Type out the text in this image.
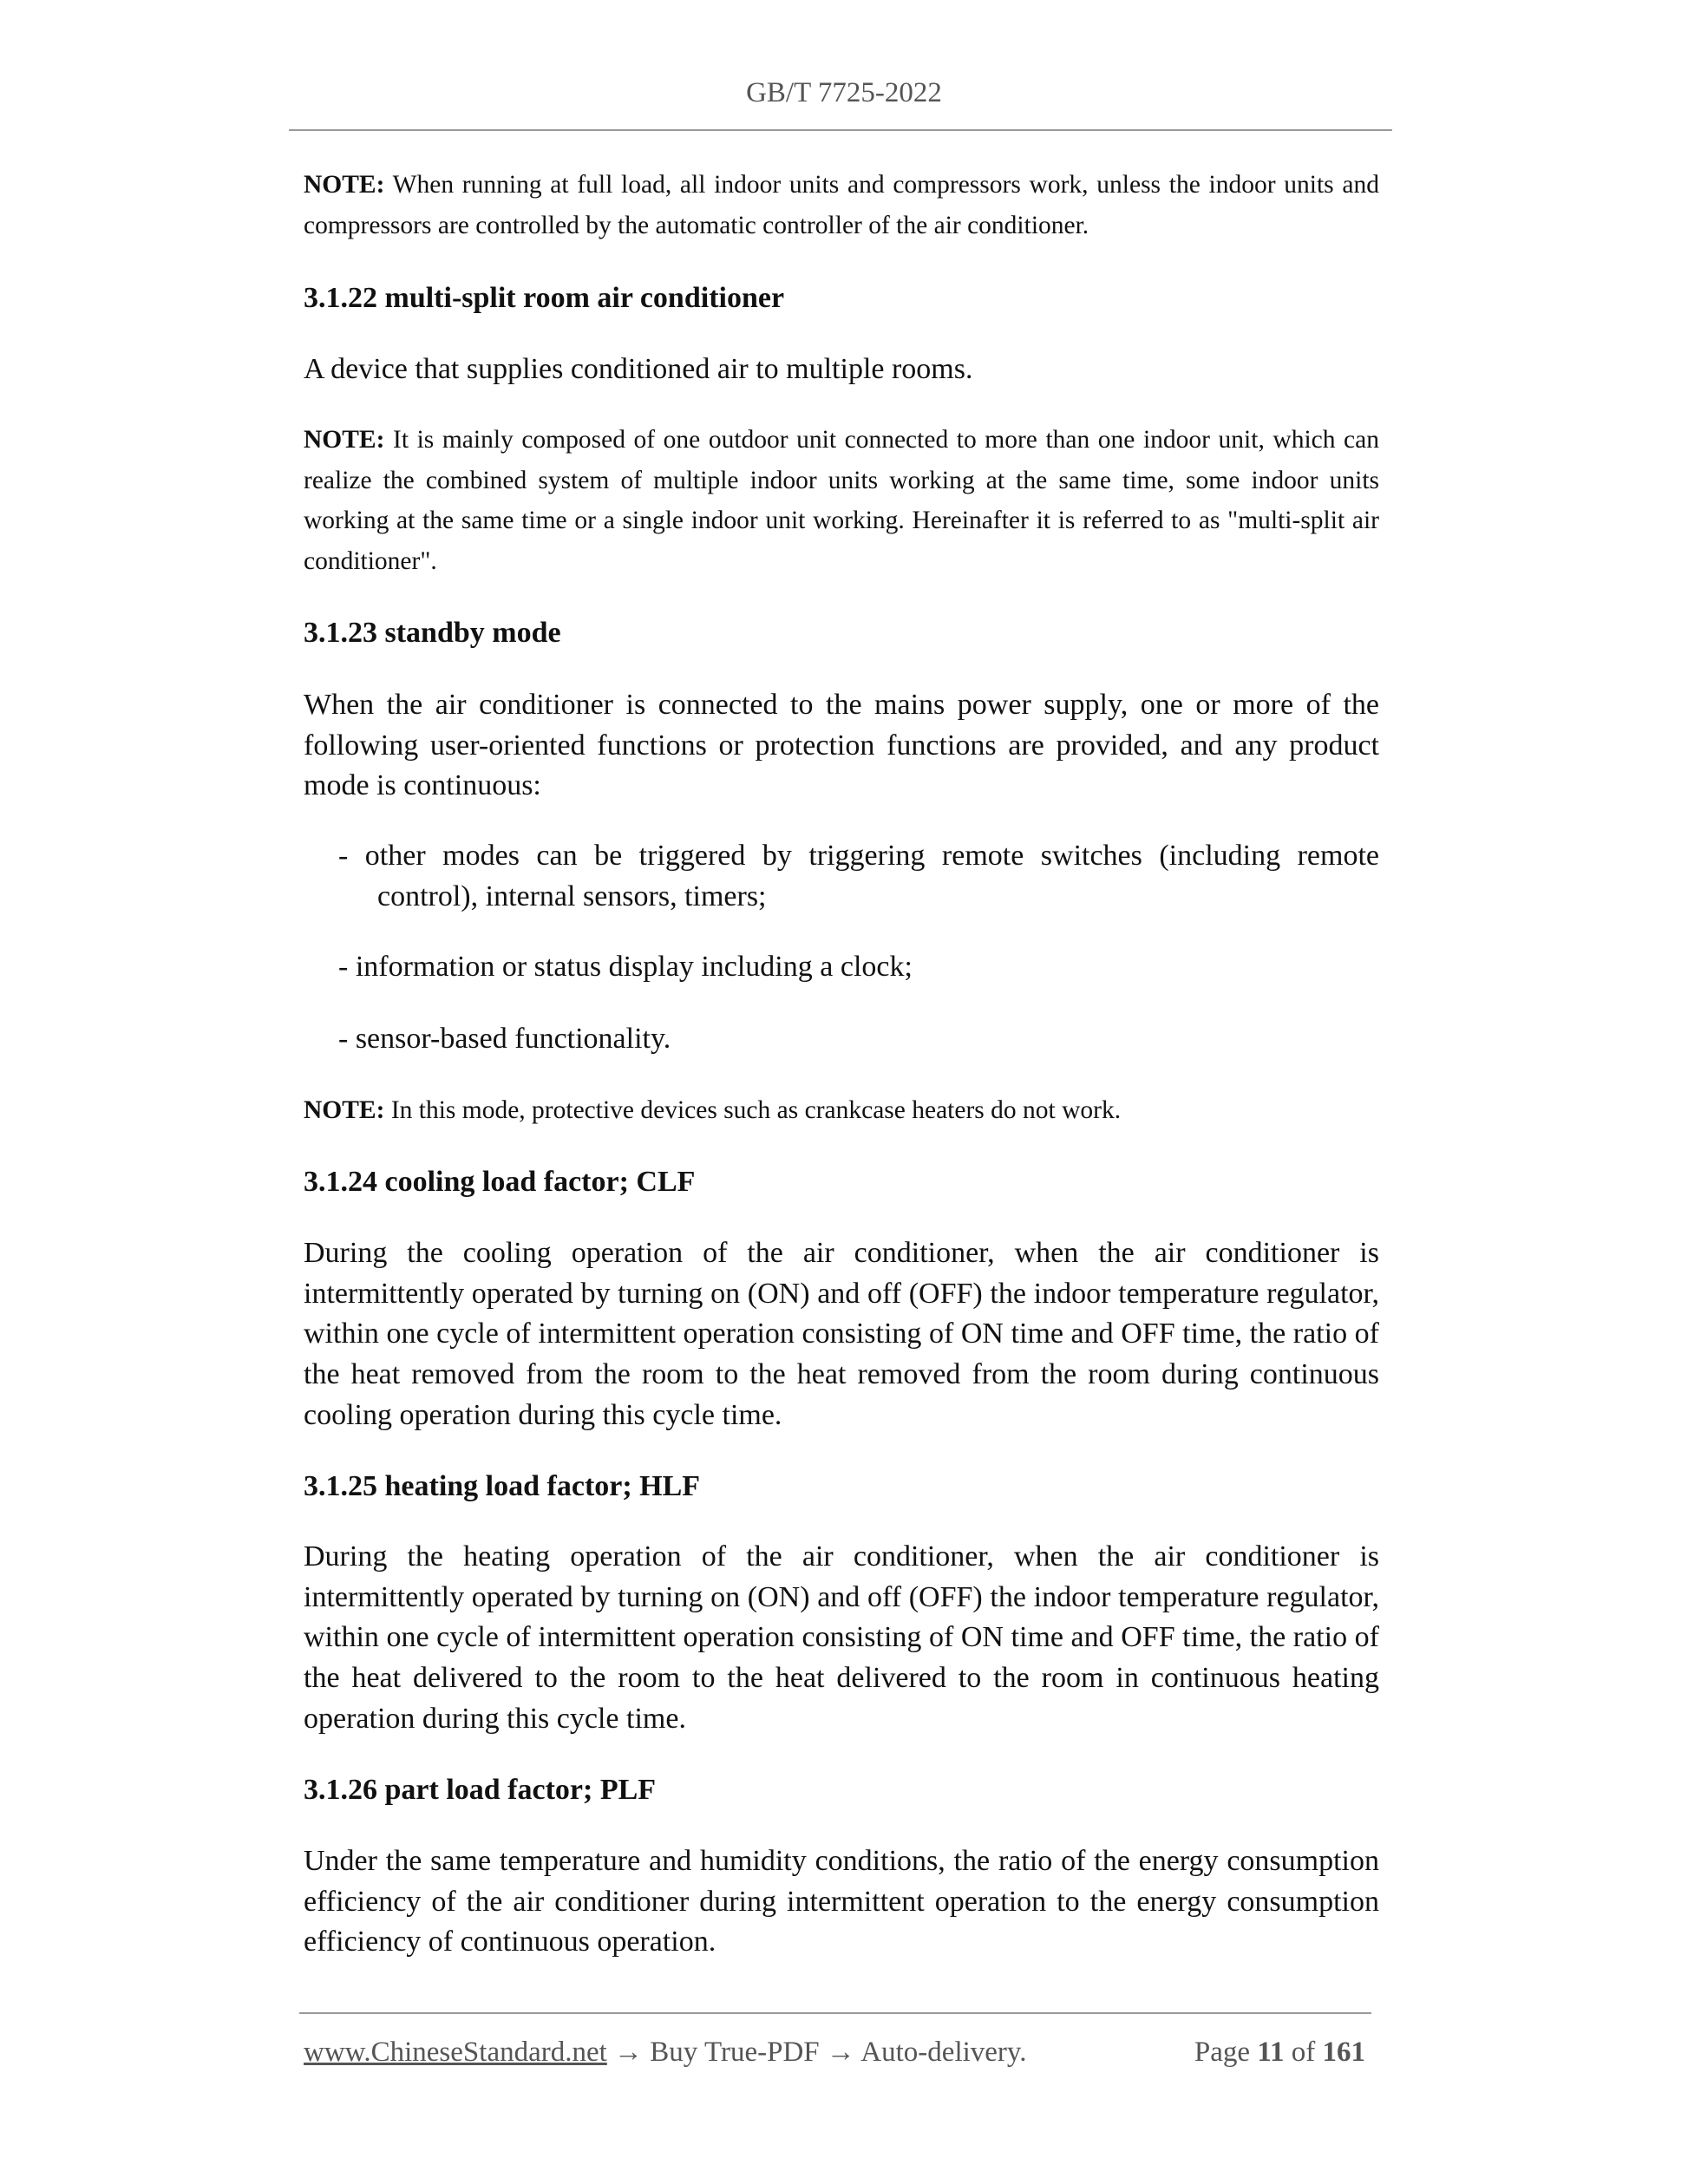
GB/T 7725-2022
NOTE: When running at full load, all indoor units and compressors work, unless the indoor units and compressors are controlled by the automatic controller of the air conditioner.
3.1.22 multi-split room air conditioner
A device that supplies conditioned air to multiple rooms.
NOTE: It is mainly composed of one outdoor unit connected to more than one indoor unit, which can realize the combined system of multiple indoor units working at the same time, some indoor units working at the same time or a single indoor unit working. Hereinafter it is referred to as "multi-split air conditioner".
3.1.23 standby mode
When the air conditioner is connected to the mains power supply, one or more of the following user-oriented functions or protection functions are provided, and any product mode is continuous:
- other modes can be triggered by triggering remote switches (including remote control), internal sensors, timers;
- information or status display including a clock;
- sensor-based functionality.
NOTE: In this mode, protective devices such as crankcase heaters do not work.
3.1.24 cooling load factor; CLF
During the cooling operation of the air conditioner, when the air conditioner is intermittently operated by turning on (ON) and off (OFF) the indoor temperature regulator, within one cycle of intermittent operation consisting of ON time and OFF time, the ratio of the heat removed from the room to the heat removed from the room during continuous cooling operation during this cycle time.
3.1.25 heating load factor; HLF
During the heating operation of the air conditioner, when the air conditioner is intermittently operated by turning on (ON) and off (OFF) the indoor temperature regulator, within one cycle of intermittent operation consisting of ON time and OFF time, the ratio of the heat delivered to the room to the heat delivered to the room in continuous heating operation during this cycle time.
3.1.26 part load factor; PLF
Under the same temperature and humidity conditions, the ratio of the energy consumption efficiency of the air conditioner during intermittent operation to the energy consumption efficiency of continuous operation.
www.ChineseStandard.net → Buy True-PDF → Auto-delivery.	Page 11 of 161
